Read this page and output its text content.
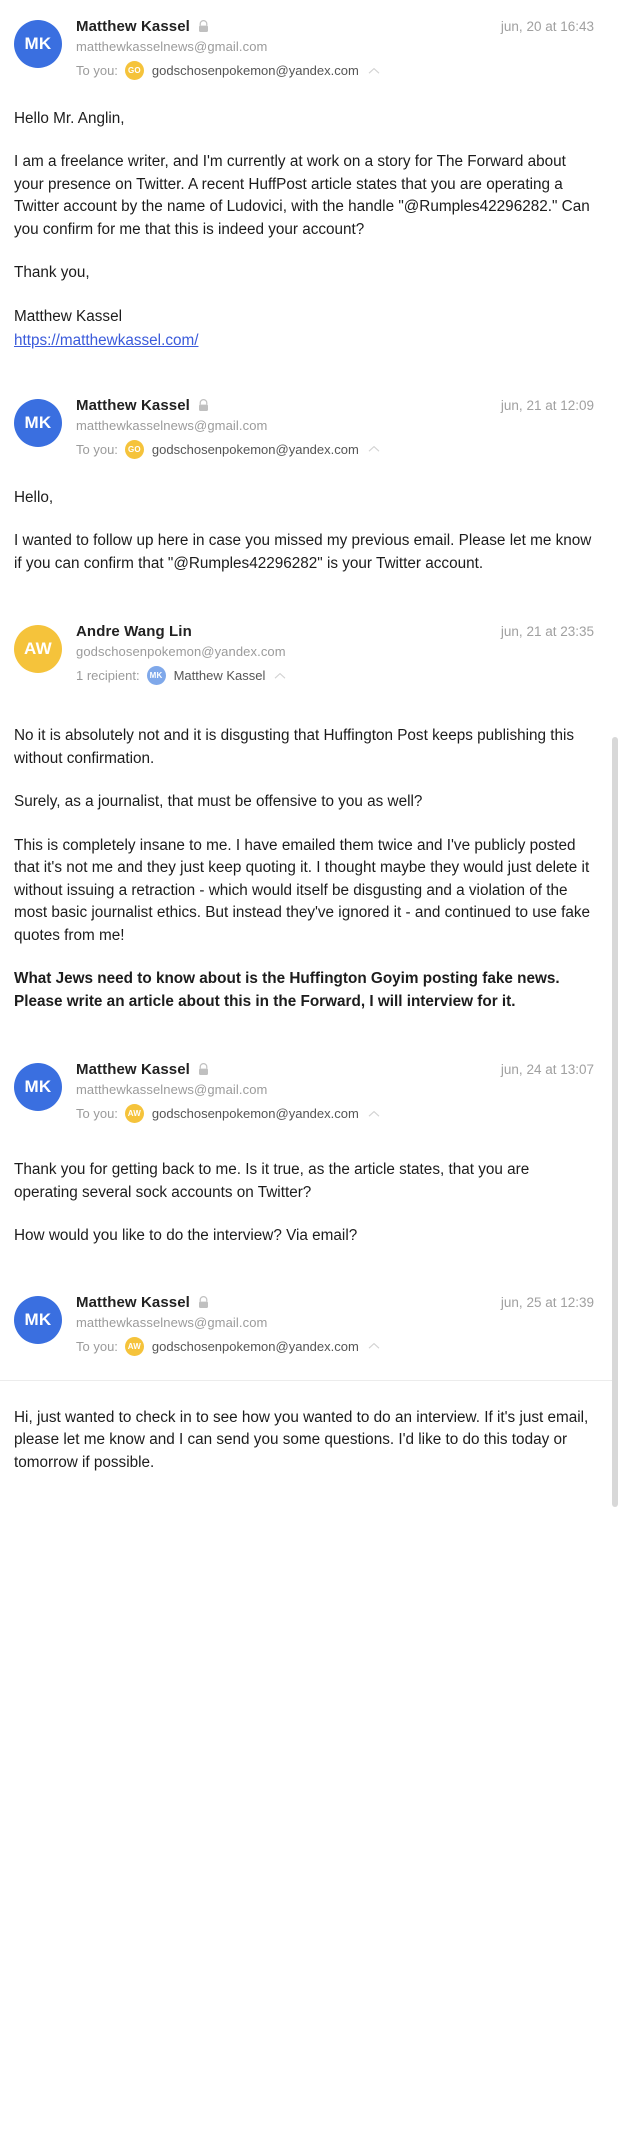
MK
Matthew Kassel	jun, 20 at 16:43
matthewkasselnews@gmail.com
To you:	GO godschosenpokemon@yandex.com

Hello Mr. Anglin,

I am a freelance writer, and I'm currently at work on a story for The Forward about your presence on Twitter. A recent HuffPost article states that you are operating a Twitter account by the name of Ludovici, with the handle "@Rumples42296282." Can you confirm for me that this is indeed your account?

Thank you,

Matthew Kassel

https://matthewkassel.com/

MK
Matthew Kassel	jun, 21 at 12:09
matthewkasselnews@gmail.com
To you:	GO godschosenpokemon@yandex.com

Hello,

I wanted to follow up here in case you missed my previous email. Please let me know if you can confirm that "@Rumples42296282" is your Twitter account.

AW
Andre Wang Lin	jun, 21 at 23:35
godschosenpokemon@yandex.com
1 recipient:	MK Matthew Kassel

No it is absolutely not and it is disgusting that Huffington Post keeps publishing this without confirmation.

Surely, as a journalist, that must be offensive to you as well?

This is completely insane to me. I have emailed them twice and I've publicly posted that it's not me and they just keep quoting it. I thought maybe they would just delete it without issuing a retraction - which would itself be disgusting and a violation of the most basic journalist ethics. But instead they've ignored it - and continued to use fake quotes from me!

What Jews need to know about is the Huffington Goyim posting fake news. Please write an article about this in the Forward, I will interview for it.

MK
Matthew Kassel	jun, 24 at 13:07
matthewkasselnews@gmail.com
To you:	AW godschosenpokemon@yandex.com

Thank you for getting back to me. Is it true, as the article states, that you are operating several sock accounts on Twitter?

How would you like to do the interview? Via email?

MK
Matthew Kassel	jun, 25 at 12:39
matthewkasselnews@gmail.com
To you:	AW godschosenpokemon@yandex.com

Hi, just wanted to check in to see how you wanted to do an interview. If it's just email, please let me know and I can send you some questions. I'd like to do this today or tomorrow if possible.
